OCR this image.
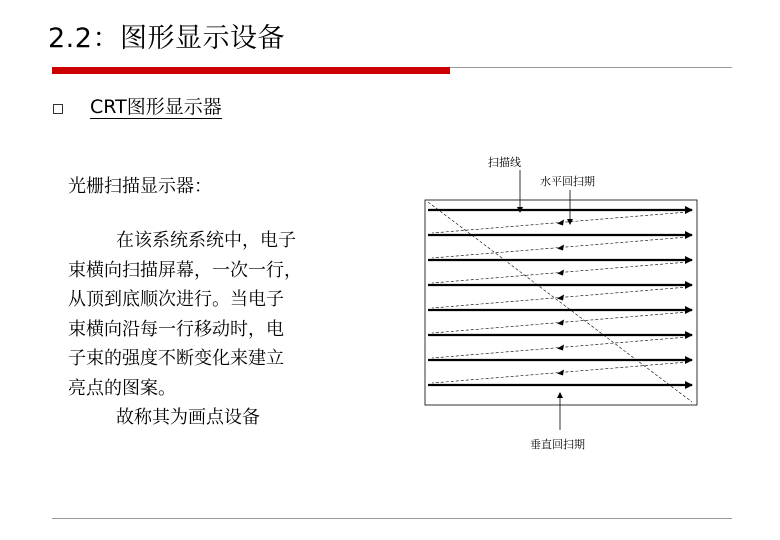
2.2：图形显示设备
CRT图形显示器
光栅扫描显示器：
在该系统系统中，电子
束横向扫描屏幕，一次一行，
从顶到底顺次进行。当电子
束横向沿每一行移动时，电
子束的强度不断变化来建立
亮点的图案。
故称其为画点设备
扫描线
水平回扫期
垂直回扫期
